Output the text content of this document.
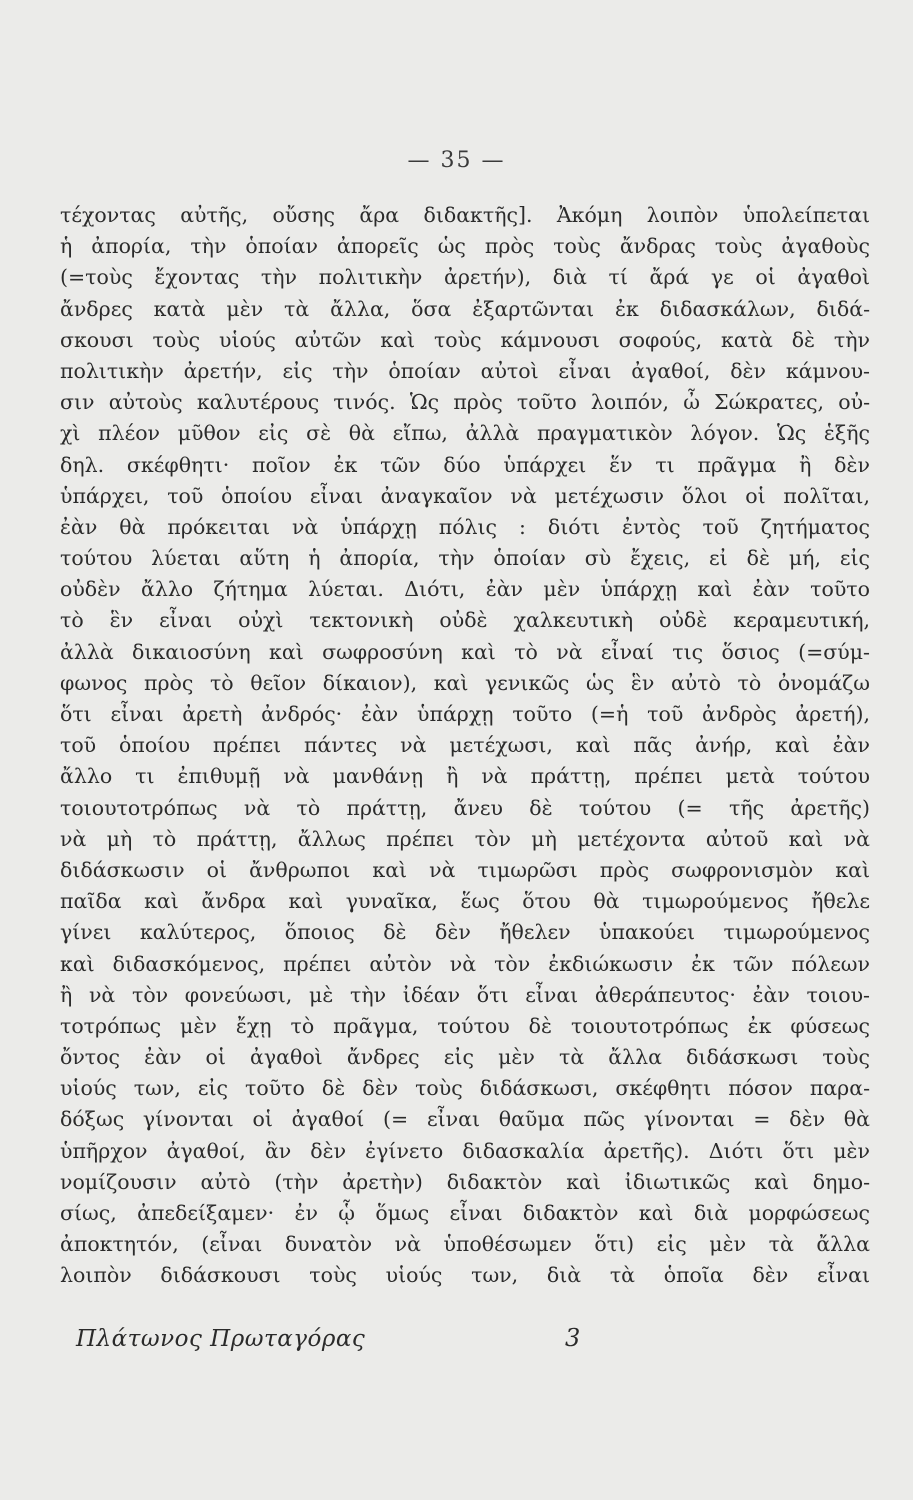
— 35 —
τέχοντας αὐτῆς, οὔσης ἄρα διδακτῆς]. Ἀκόμη λοιπὸν ὑπολείπεται
ἡ ἀπορία, τὴν ὁποίαν ἀπορεῖς ὡς πρὸς τοὺς ἄνδρας τοὺς ἀγαθοὺς
(=τοὺς ἔχοντας τὴν πολιτικὴν ἀρετήν), διὰ τί ἄρά γε οἱ ἀγαθοὶ
ἄνδρες κατὰ μὲν τὰ ἄλλα, ὅσα ἐξαρτῶνται ἐκ διδασκάλων, διδά-
σκουσι τοὺς υἱούς αὐτῶν καὶ τοὺς κάμνουσι σοφούς, κατὰ δὲ τὴν
πολιτικὴν ἀρετήν, εἰς τὴν ὁποίαν αὐτοὶ εἶναι ἀγαθοί, δὲν κάμνου-
σιν αὐτοὺς καλυτέρους τινός. Ὡς πρὸς τοῦτο λοιπόν, ὦ Σώκρατες, οὐ-
χὶ πλέον μῦθον εἰς σὲ θὰ εἴπω, ἀλλὰ πραγματικὸν λόγον. Ὡς ἑξῆς
δηλ. σκέφθητι· ποῖον ἐκ τῶν δύο ὑπάρχει ἕν τι πρᾶγμα ἢ δὲν
ὑπάρχει, τοῦ ὁποίου εἶναι ἀναγκαῖον νὰ μετέχωσιν ὅλοι οἱ πολῖται,
ἐὰν θὰ πρόκειται νὰ ὑπάρχῃ πόλις : διότι ἐντὸς τοῦ ζητήματος
τούτου λύεται αὕτη ἡ ἀπορία, τὴν ὁποίαν σὺ ἔχεις, εἰ δὲ μή, εἰς
οὐδὲν ἄλλο ζήτημα λύεται. Διότι, ἐὰν μὲν ὑπάρχῃ καὶ ἐὰν τοῦτο
τὸ ἓν εἶναι οὐχὶ τεκτονικὴ οὐδὲ χαλκευτικὴ οὐδὲ κεραμευτική,
ἀλλὰ δικαιοσύνη καὶ σωφροσύνη καὶ τὸ νὰ εἶναί τις ὅσιος (=σύμ-
φωνος πρὸς τὸ θεῖον δίκαιον), καὶ γενικῶς ὡς ἓν αὐτὸ τὸ ὀνομάζω
ὅτι εἶναι ἀρετὴ ἀνδρός· ἐὰν ὑπάρχῃ τοῦτο (=ἡ τοῦ ἀνδρὸς ἀρετή),
τοῦ ὁποίου πρέπει πάντες νὰ μετέχωσι, καὶ πᾶς ἀνήρ, καὶ ἐὰν
ἄλλο τι ἐπιθυμῇ νὰ μανθάνῃ ἢ νὰ πράττῃ, πρέπει μετὰ τούτου
τοιουτοτρόπως νὰ τὸ πράττῃ, ἄνευ δὲ τούτου (= τῆς ἀρετῆς)
νὰ μὴ τὸ πράττῃ, ἄλλως πρέπει τὸν μὴ μετέχοντα αὐτοῦ καὶ νὰ
διδάσκωσιν οἱ ἄνθρωποι καὶ νὰ τιμωρῶσι πρὸς σωφρονισμὸν καὶ
παῖδα καὶ ἄνδρα καὶ γυναῖκα, ἕως ὅτου θὰ τιμωρούμενος ἤθελε
γίνει καλύτερος, ὅποιος δὲ δὲν ἤθελεν ὑπακούει τιμωρούμενος
καὶ διδασκόμενος, πρέπει αὐτὸν νὰ τὸν ἐκδιώκωσιν ἐκ τῶν πόλεων
ἢ νὰ τὸν φονεύωσι, μὲ τὴν ἰδέαν ὅτι εἶναι ἀθεράπευτος· ἐὰν τοιου-
τοτρόπως μὲν ἔχῃ τὸ πρᾶγμα, τούτου δὲ τοιουτοτρόπως ἐκ φύσεως
ὄντος ἐὰν οἱ ἀγαθοὶ ἄνδρες εἰς μὲν τὰ ἄλλα διδάσκωσι τοὺς
υἱούς των, εἰς τοῦτο δὲ δὲν τοὺς διδάσκωσι, σκέφθητι πόσον παρα-
δόξως γίνονται οἱ ἀγαθοί (= εἶναι θαῦμα πῶς γίνονται = δὲν θὰ
ὑπῆρχον ἀγαθοί, ἂν δὲν ἐγίνετο διδασκαλία ἀρετῆς). Διότι ὅτι μὲν
νομίζουσιν αὐτὸ (τὴν ἀρετὴν) διδακτὸν καὶ ἰδιωτικῶς καὶ δημο-
σίως, ἀπεδείξαμεν· ἐν ᾧ ὅμως εἶναι διδακτὸν καὶ διὰ μορφώσεως
ἀποκτητόν, (εἶναι δυνατὸν νὰ ὑποθέσωμεν ὅτι) εἰς μὲν τὰ ἄλλα
λοιπὸν διδάσκουσι τοὺς υἱούς των, διὰ τὰ ὁποῖα δὲν εἶναι
Πλάτωνος Πρωταγόρας	3
